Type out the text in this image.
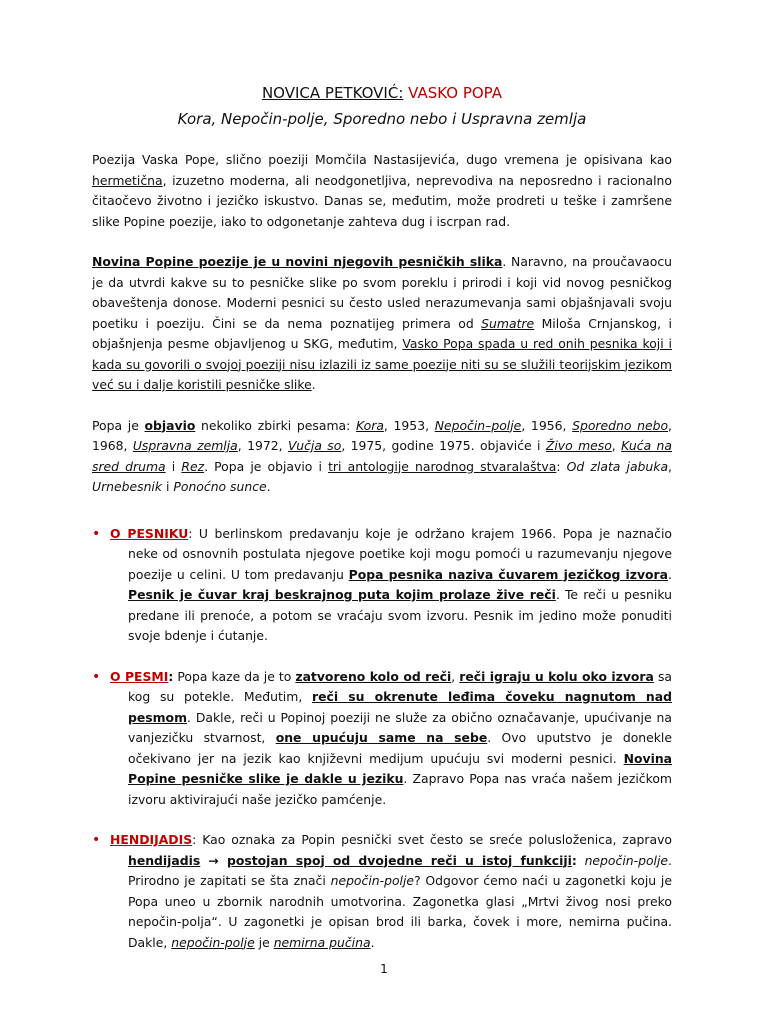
NOVICA PETKOVIĆ: VASKO POPA
Kora, Nepočin-polje, Sporedno nebo i Uspravna zemlja

Poezija Vaska Pope, slično poeziji Momčila Nastasijevića, dugo vremena je opisivana kao hermetična, izuzetno moderna, ali neodgonetljiva, neprevodiva na neposredno i racionalno čitaočevo životno i jezičko iskustvo. Danas se, međutim, može prodreti u teške i zamršene slike Popine poezije, iako to odgonetanje zahteva dug i iscrpan rad.

Novina Popine poezije je u novini njegovih pesničkih slika. Naravno, na proučavaocu je da utvrdi kakve su to pesničke slike po svom poreklu i prirodi i koji vid novog pesničkog obaveštenja donose. Moderni pesnici su često usled nerazumevanja sami objašnjavali svoju poetiku i poeziju. Čini se da nema poznatijeg primera od Sumatre Miloša Crnjanskog, i objašnjenja pesme objavljenog u SKG, međutim, Vasko Popa spada u red onih pesnika koji i kada su govorili o svojoj poeziji nisu izlazili iz same poezije niti su se služili teorijskim jezikom već su i dalje koristili pesničke slike.

Popa je objavio nekoliko zbirki pesama: Kora, 1953, Nepočin–polje, 1956, Sporedno nebo, 1968, Uspravna zemlja, 1972, Vučja so, 1975, godine 1975. objaviće i Živo meso, Kuća na sred druma i Rez. Popa je objavio i tri antologije narodnog stvaralaštva: Od zlata jabuka, Urnebesnik i Ponoćno sunce.

• O PESNIKU: U berlinskom predavanju koje je održano krajem 1966. Popa je naznačio neke od osnovnih postulata njegove poetike koji mogu pomoći u razumevanju njegove poezije u celini. U tom predavanju Popa pesnika naziva čuvarem jezičkog izvora. Pesnik je čuvar kraj beskrajnog puta kojim prolaze žive reči. Te reči u pesniku predane ili prenoće, a potom se vraćaju svom izvoru. Pesnik im jedino može ponuditi svoje bdenje i ćutanje.

• O PESMI: Popa kaze da je to zatvoreno kolo od reči, reči igraju u kolu oko izvora sa kog su potekle. Međutim, reči su okrenute leđima čoveku nagnutom nad pesmom. Dakle, reči u Popinoj poeziji ne služe za obično označavanje, upućivanje na vanjezičku stvarnost, one upućuju same na sebe. Ovo uputstvo je donekle očekivano jer na jezik kao književni medijum upućuju svi moderni pesnici. Novina Popine pesničke slike je dakle u jeziku. Zapravo Popa nas vraća našem jezičkom izvoru aktivirajući naše jezičko pamćenje.

• HENDIJADIS: Kao oznaka za Popin pesnički svet često se sreće polusloženica, zapravo hendijadis → postojan spoj od dvojedne reči u istoj funkciji: nepočin-polje. Prirodno je zapitati se šta znači nepočin-polje? Odgovor ćemo naći u zagonetki koju je Popa uneo u zbornik narodnih umotvorina. Zagonetka glasi „Mrtvi živog nosi preko nepočin-polja“. U zagonetki je opisan brod ili barka, čovek i more, nemirna pučina. Dakle, nepočin-polje je nemirna pučina.

1
